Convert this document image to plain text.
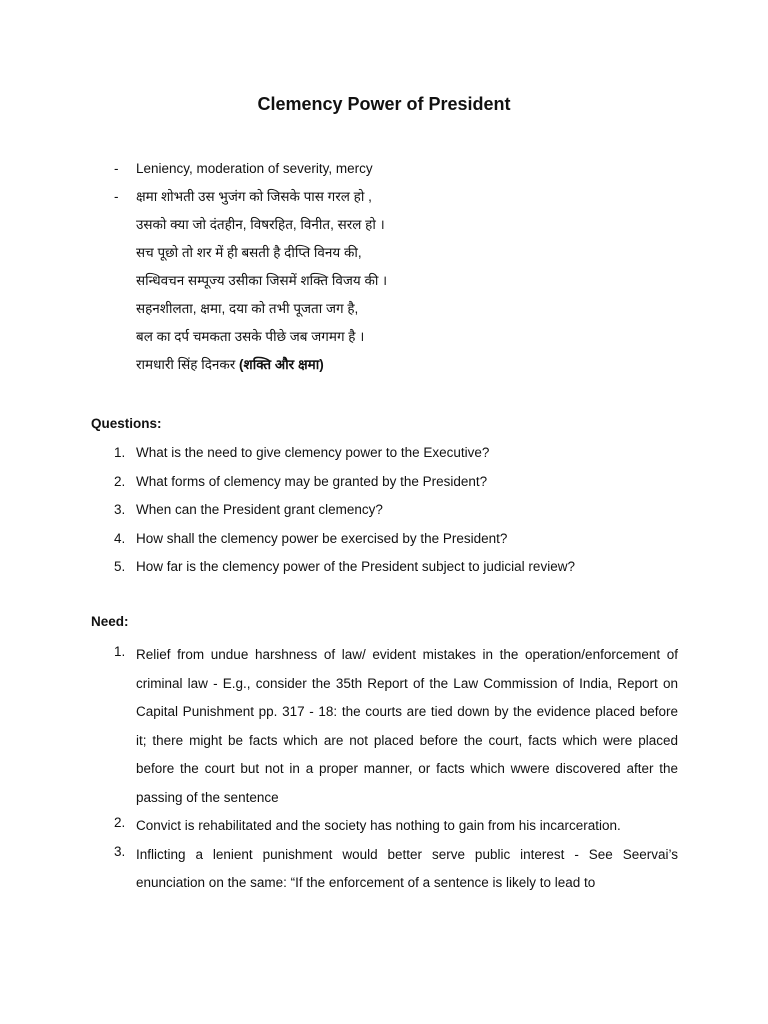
Clemency Power of President
-	Leniency, moderation of severity, mercy
-	क्षमा शोभती उस भुजंग को जिसके पास गरल हो ,
उसको क्या जो दंतहीन, विषरहित, विनीत, सरल हो ।
सच पूछो तो शर में ही बसती है दीप्ति विनय की,
सन्धिवचन सम्पूज्य उसीका जिसमें शक्ति विजय की ।
सहनशीलता, क्षमा, दया को तभी पूजता जग है,
बल का दर्प चमकता उसके पीछे जब जगमग है ।
रामधारी सिंह दिनकर (शक्ति और क्षमा)
Questions:
1. What is the need to give clemency power to the Executive?
2. What forms of clemency may be granted by the President?
3. When can the President grant clemency?
4. How shall the clemency power be exercised by the President?
5. How far is the clemency power of the President subject to judicial review?
Need:
1. Relief from undue harshness of law/ evident mistakes in the operation/enforcement of criminal law - E.g., consider the 35th Report of the Law Commission of India, Report on Capital Punishment pp. 317 - 18: the courts are tied down by the evidence placed before it; there might be facts which are not placed before the court, facts which were placed before the court but not in a proper manner, or facts which wwere discovered after the passing of the sentence
2. Convict is rehabilitated and the society has nothing to gain from his incarceration.
3. Inflicting a lenient punishment would better serve public interest - See Seervai’s enunciation on the same: “If the enforcement of a sentence is likely to lead to
